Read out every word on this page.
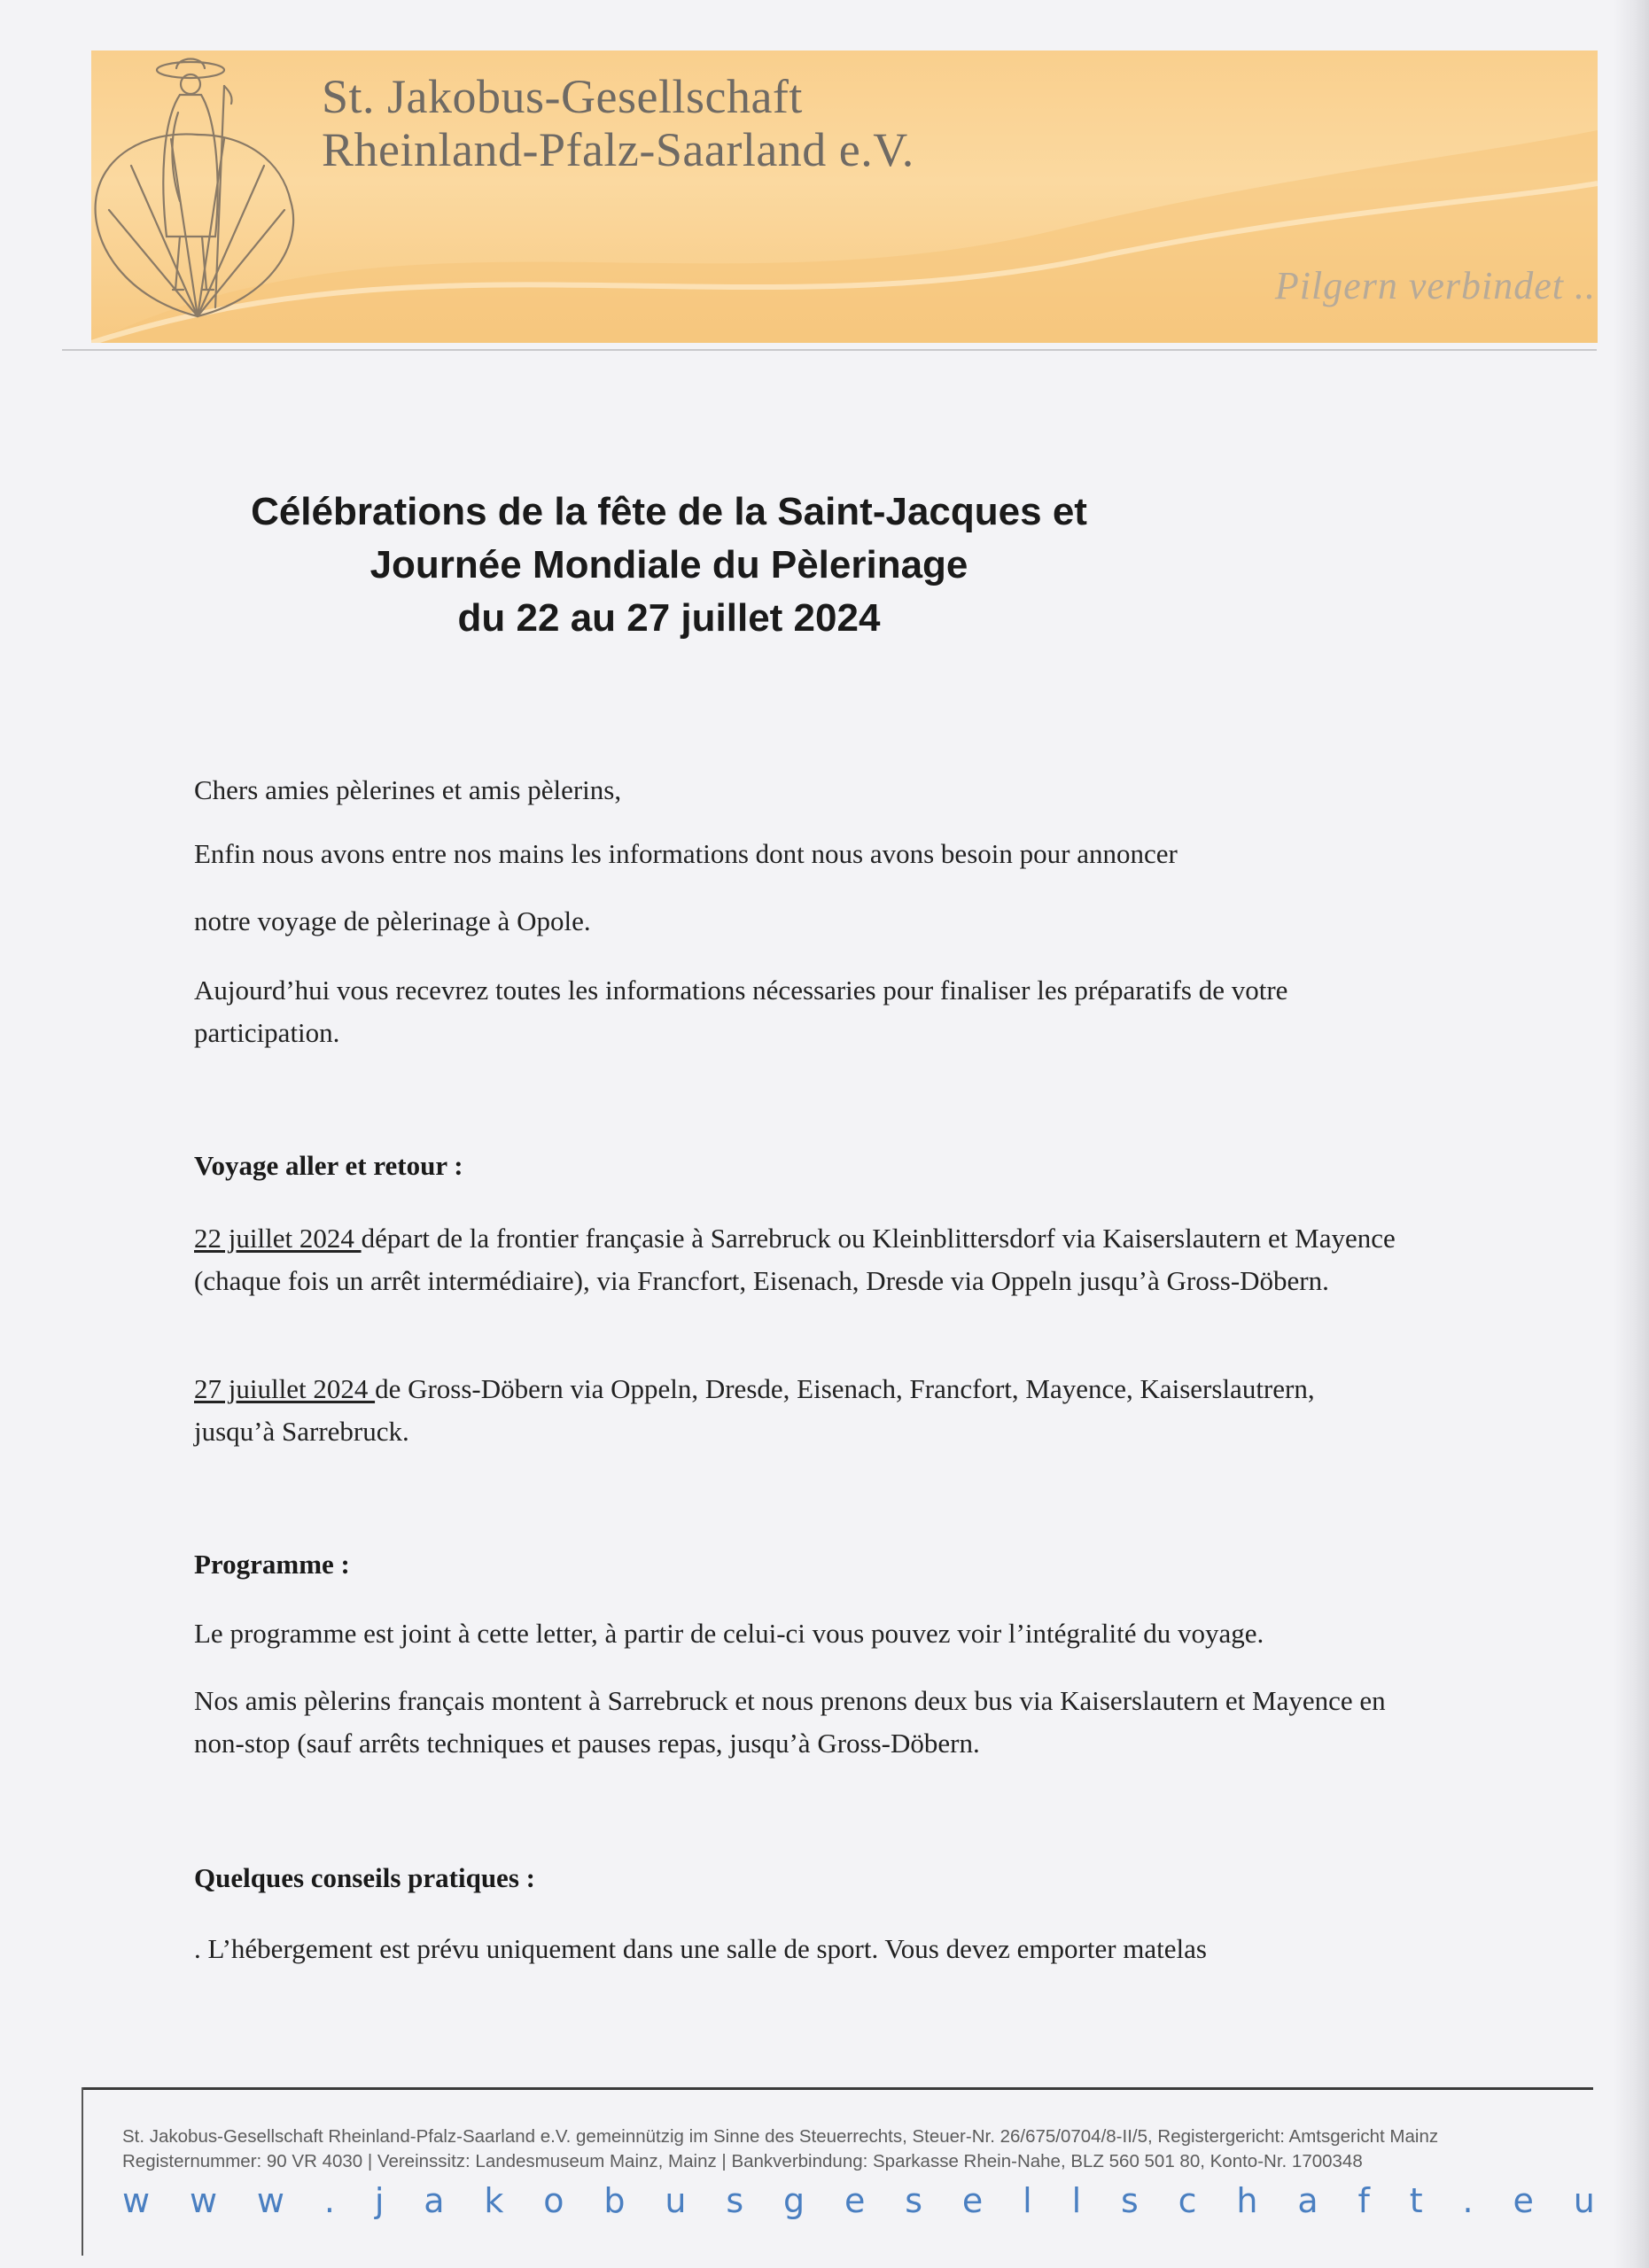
St. Jakobus-Gesellschaft
Rheinland-Pfalz-Saarland e.V.
Pilgern verbindet ..
Célébrations de la fête de la Saint-Jacques et
Journée Mondiale du Pèlerinage
du 22 au 27 juillet 2024

Chers amies pèlerines et amis pèlerins,

Enfin nous avons entre nos mains les informations dont nous avons besoin pour annoncer

notre voyage de pèlerinage à Opole.

Aujourd’hui vous recevrez toutes les informations nécessaries pour finaliser les préparatifs de votre participation.

Voyage aller et retour :

22 juillet 2024 départ de la frontier françasie à Sarrebruck ou Kleinblittersdorf via Kaiserslautern et Mayence (chaque fois un arrêt intermédiaire), via Francfort, Eisenach, Dresde via Oppeln jusqu’à Gross-Döbern.

27 juiullet 2024 de Gross-Döbern via Oppeln, Dresde, Eisenach, Francfort, Mayence, Kaiserslautrern, jusqu’à Sarrebruck.

Programme :

Le programme est joint à cette letter, à partir de celui-ci vous pouvez voir l’intégralité du voyage.

Nos amis pèlerins français montent à Sarrebruck et nous prenons deux bus via Kaiserslautern et Mayence en non-stop (sauf arrêts techniques et pauses repas, jusqu’à Gross-Döbern.

Quelques conseils pratiques :

. L’hébergement est prévu uniquement dans une salle de sport. Vous devez emporter matelas

St. Jakobus-Gesellschaft Rheinland-Pfalz-Saarland e.V. gemeinnützig im Sinne des Steuerrechts, Steuer-Nr. 26/675/0704/8-II/5, Registergericht: Amtsgericht Mainz
Registernummer: 90 VR 4030 | Vereinssitz: Landesmuseum Mainz, Mainz | Bankverbindung: Sparkasse Rhein-Nahe, BLZ 560 501 80, Konto-Nr. 1700348
w w w . j a k o b u s g e s e l l s c h a f t . e u
